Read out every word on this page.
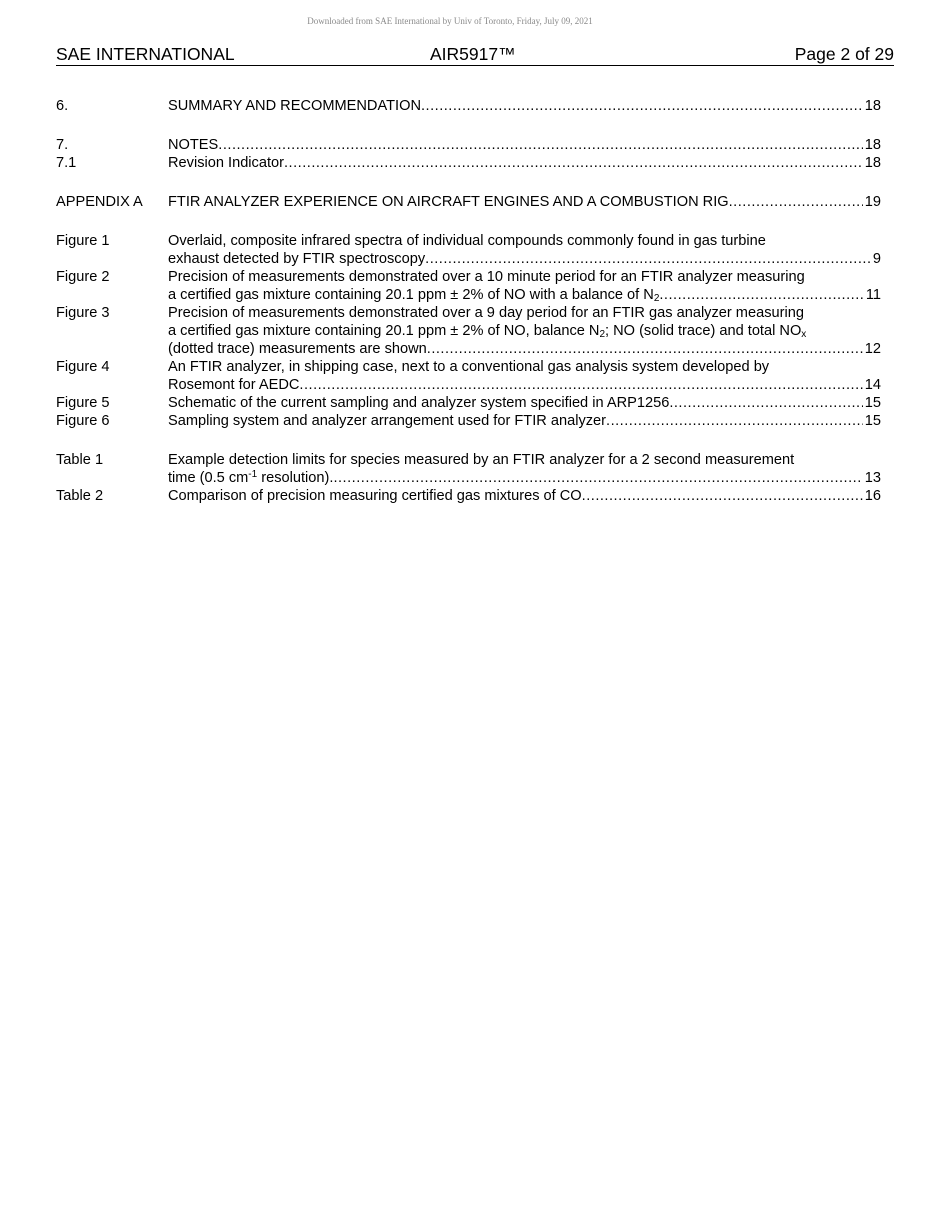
Downloaded from SAE International by Univ of Toronto, Friday, July 09, 2021
SAE INTERNATIONAL	AIR5917™	Page 2 of 29
6.	SUMMARY AND RECOMMENDATION .....	18
7.	NOTES .....	18
7.1	Revision Indicator .....	18
APPENDIX A	FTIR ANALYZER EXPERIENCE ON AIRCRAFT ENGINES AND A COMBUSTION RIG .....	19
Figure 1	Overlaid, composite infrared spectra of individual compounds commonly found in gas turbine
exhaust detected by FTIR spectroscopy .....	9
Figure 2	Precision of measurements demonstrated over a 10 minute period for an FTIR analyzer measuring
a certified gas mixture containing 20.1 ppm ± 2% of NO with a balance of $N_2$ .....	11
Figure 3	Precision of measurements demonstrated over a 9 day period for an FTIR gas analyzer measuring
a certified gas mixture containing 20.1 ppm ± 2% of NO, balance $N_2$; NO (solid trace) and total $NO_x$
(dotted trace) measurements are shown .....	12
Figure 4	An FTIR analyzer, in shipping case, next to a conventional gas analysis system developed by
Rosemont for AEDC .....	14
Figure 5	Schematic of the current sampling and analyzer system specified in ARP1256 .....	15
Figure 6	Sampling system and analyzer arrangement used for FTIR analyzer .....	15
Table 1	Example detection limits for species measured by an FTIR analyzer for a 2 second measurement
time (0.5 $cm^{-1}$ resolution). .....	13
Table 2	Comparison of precision measuring certified gas mixtures of CO .....	16
